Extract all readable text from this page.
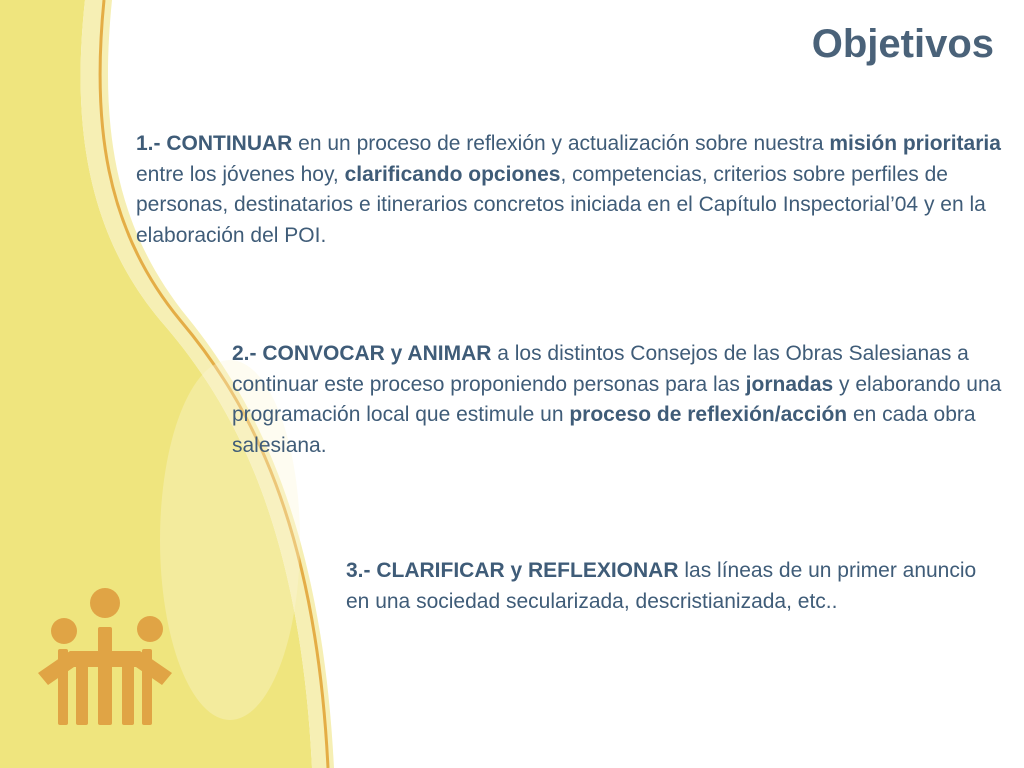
Objetivos

1.- CONTINUAR en un proceso de reflexión y actualización sobre nuestra misión prioritaria entre los jóvenes hoy, clarificando opciones, competencias, criterios sobre perfiles de personas, destinatarios e itinerarios concretos iniciada en el Capítulo Inspectorial’04 y en la elaboración del POI.

2.- CONVOCAR y ANIMAR a los distintos Consejos de las Obras Salesianas a continuar este proceso proponiendo personas para las jornadas y elaborando una programación local que estimule un proceso de reflexión/acción en cada obra salesiana.

3.- CLARIFICAR y REFLEXIONAR las líneas de un primer anuncio en una sociedad secularizada, descristianizada, etc..
